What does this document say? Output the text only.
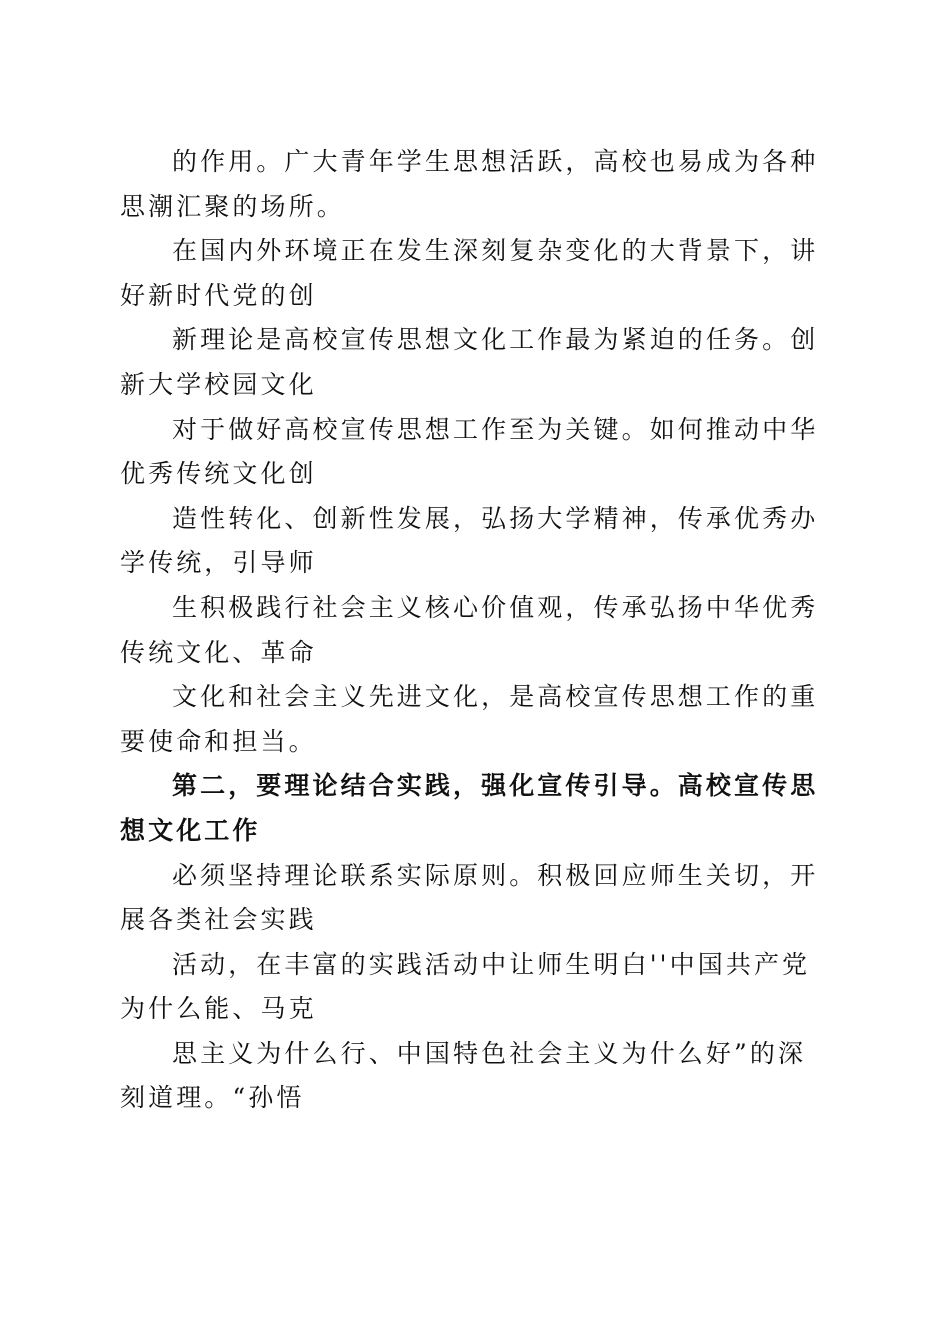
的作用。广大青年学生思想活跃，高校也易成为各种思潮汇聚的场所。

在国内外环境正在发生深刻复杂变化的大背景下，讲好新时代党的创

新理论是高校宣传思想文化工作最为紧迫的任务。创新大学校园文化

对于做好高校宣传思想工作至为关键。如何推动中华优秀传统文化创

造性转化、创新性发展，弘扬大学精神，传承优秀办学传统，引导师

生积极践行社会主义核心价值观，传承弘扬中华优秀传统文化、革命

文化和社会主义先进文化，是高校宣传思想工作的重要使命和担当。

第二，要理论结合实践，强化宣传引导。高校宣传思想文化工作

必须坚持理论联系实际原则。积极回应师生关切，开展各类社会实践

活动，在丰富的实践活动中让师生明白''中国共产党为什么能、马克

思主义为什么行、中国特色社会主义为什么好”的深刻道理。“孙悟
